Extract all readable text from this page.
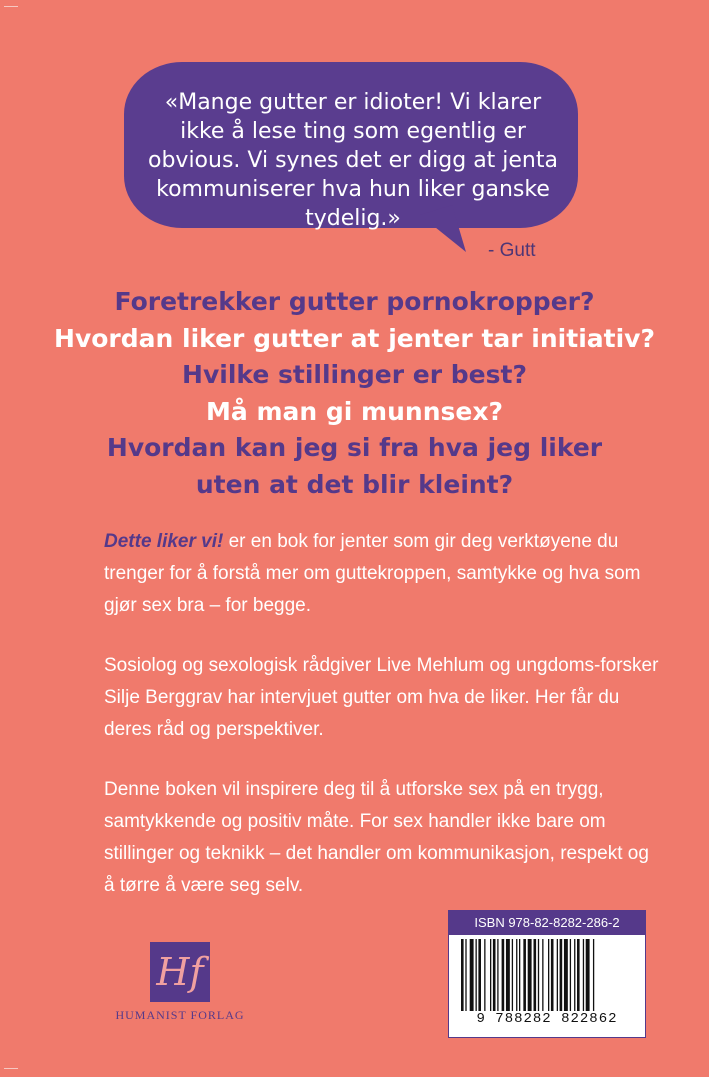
«Mange gutter er idioter! Vi klarer ikke å lese ting som egentlig er obvious. Vi synes det er digg at jenta kommuniserer hva hun liker ganske tydelig.»
- Gutt
Foretrekker gutter pornokropper?
Hvordan liker gutter at jenter tar initiativ?
Hvilke stillinger er best?
Må man gi munnsex?
Hvordan kan jeg si fra hva jeg liker
uten at det blir kleint?
Dette liker vi! er en bok for jenter som gir deg verktøyene du trenger for å forstå mer om guttekroppen, samtykke og hva som gjør sex bra – for begge.
Sosiolog og sexologisk rådgiver Live Mehlum og ungdoms-forsker Silje Berggrav har intervjuet gutter om hva de liker. Her får du deres råd og perspektiver.
Denne boken vil inspirere deg til å utforske sex på en trygg, samtykkende og positiv måte. For sex handler ikke bare om stillinger og teknikk – det handler om kommunikasjon, respekt og å tørre å være seg selv.
Hf
HUMANIST FORLAG
ISBN 978-82-8282-286-2
9 788282 822862
